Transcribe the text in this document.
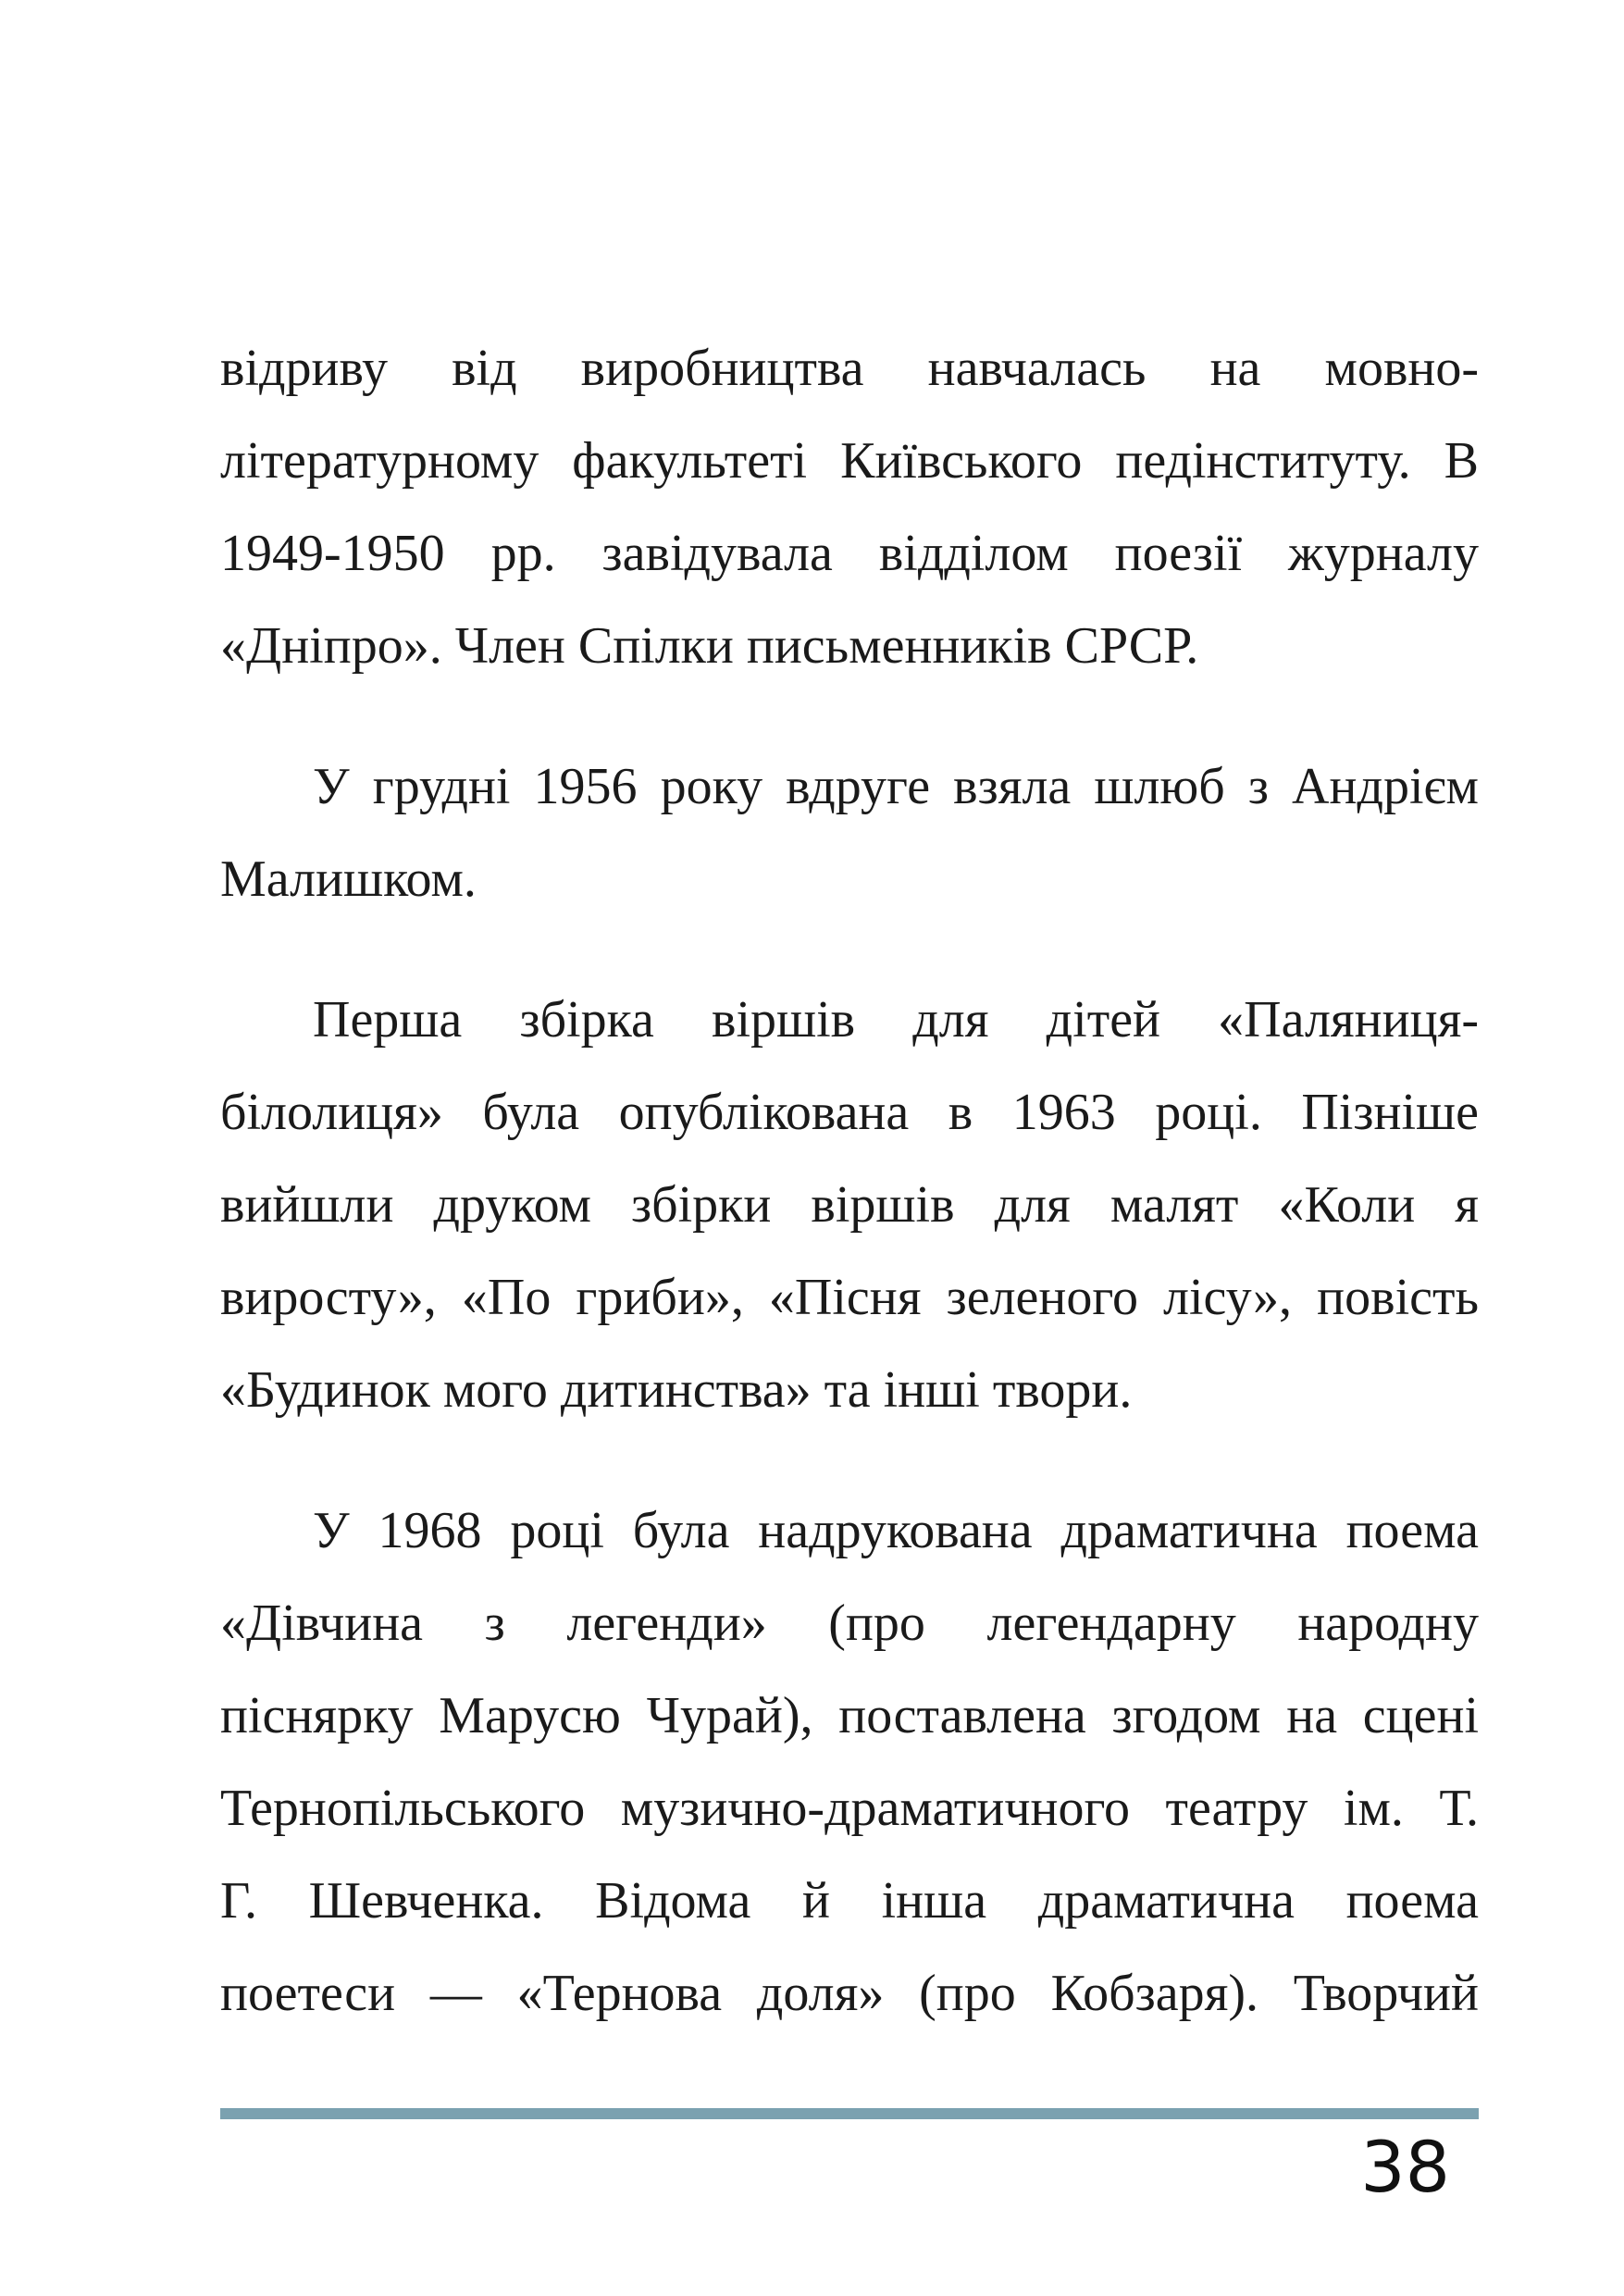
відриву від виробництва навчалась на мовно-
літературному факультеті Київського педінституту. В
1949-1950 рр. завідувала відділом поезії журналу
«Дніпро». Член Спілки письменників СРСР.
У грудні 1956 року вдруге взяла шлюб з Андрієм
Малишком.
Перша збірка віршів для дітей «Паляниця-
білолиця» була опублікована в 1963 році. Пізніше
вийшли друком збірки віршів для малят «Коли я
виросту», «По гриби», «Пісня зеленого лісу», повість
«Будинок мого дитинства» та інші твори.
У 1968 році була надрукована драматична поема
«Дівчина з легенди» (про легендарну народну
піснярку Марусю Чурай), поставлена згодом на сцені
Тернопільського музично-драматичного театру ім. Т.
Г. Шевченка. Відома й інша драматична поема
поетеси — «Тернова доля» (про Кобзаря). Творчий
38
